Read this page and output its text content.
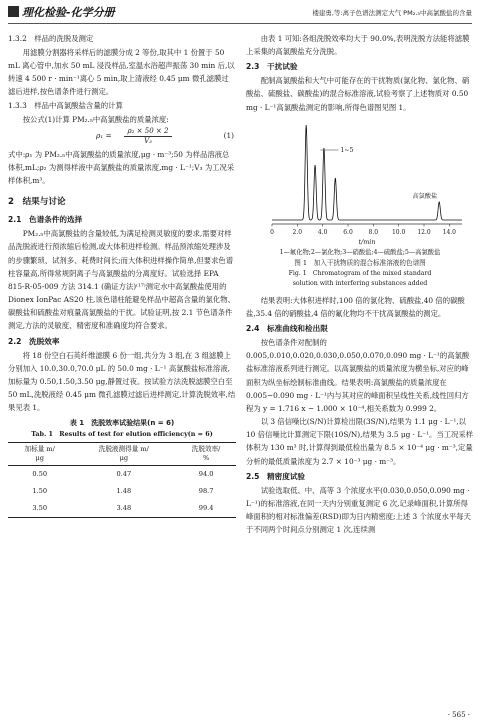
理化检验-化学分册	楼建勇,等:离子色谱法测定大气 PM₂.₅中高氯酸盐的含量
1.3.2　样品的洗脱及测定

用滤膜分割器将采样后的滤膜分成 2 等份,取其中 1 份置于 50 mL 离心管中,加水 50 mL 浸没样品,室温水浴超声振荡 30 min 后,以转速 4 500 r · min⁻¹离心 5 min,取上清液经 0.45 μm 微孔滤膜过滤后进样,按色谱条件进行测定。

1.3.3　样品中高氯酸盐含量的计算

按公式(1)计算 PM₂.₅中高氯酸盐的质量浓度:

$\rho_1 = \frac{\text{ρ₂ × 50 × 2}}{\text{V₃}}$	(1)

式中:ρ₁ 为 PM₂.₅中高氯酸盐的质量浓度,μg · m⁻³;50 为样品溶液总体积,mL;ρ₂ 为测得样液中高氯酸盐的质量浓度,mg · L⁻¹;V₃ 为工况采样体积,m³。

2　结果与讨论
2.1　色谱条件的选择

PM₂.₅中高氯酸盐的含量较低,为满足检测灵敏度的要求,需要对样品洗脱液进行预浓缩后检测,或大体积进样检测。样品预浓缩处理涉及的步骤繁琐、试剂多、耗费时间长;而大体积进样操作简单,但要求色谱柱容量高,所得常规阴离子与高氯酸盐的分离度好。试验选择 EPA 815-R-05-009 方法 314.1 (确证方法)⁽¹⁷⁾测定水中高氯酸盐使用的 Dionex IonPac AS20 柱,该色谱柱能避免样品中超高含量的氯化物、碳酸盐和硫酸盐对痕量高氯酸盐的干扰。试验证明,按 2.1 节色谱条件测定,方法的灵敏度、精密度和准确度均符合要求。

2.2　洗脱效率

将 18 份空白石英纤维滤膜 6 份一组,共分为 3 组,在 3 组滤膜上分别加入 10.0,30.0,70.0 μL 的 50.0 mg · L⁻¹ 高氯酸盐标准溶液,加标量为 0.50,1.50,3.50 μg,静置过夜。按试验方法洗脱滤膜空白至 50 mL,洗脱液经 0.45 μm 微孔滤膜过滤后进样测定,计算洗脱效率,结果见表 1。

表 1　洗脱效率试验结果(n = 6)
Tab. 1　Results of test for elution efficiency(n = 6)
加标量 m/
μg	洗脱液测得量 m/
μg	洗脱效率/
%
0.50	0.47	94.0
1.50	1.48	98.7
3.50	3.48	99.4

由表 1 可知:各组洗脱效率均大于 90.0%,表明洗脱方法能将滤膜上采集的高氯酸盐充分洗脱。

2.3　干扰试验

配制高氯酸盐和大气中可能存在的干扰物质(氯化物、氯化物、硝酸盐、硫酸盐、碳酸盐)的混合标准溶液,试验考察了上述物质对 0.50 mg · L⁻¹高氯酸盐测定的影响,所得色谱图见图 1。

0	2.0	4.0	6.0	8.0 10.0 12.0 14.0
t/min
1~5
高氯酸盐
1—氟化物;2—氯化物;3—硝酸盐;4—硫酸盐;5—高氯酸盐
图 1　加入干扰物质的混合标准溶液的色谱图
Fig. 1　Chromatogram of the mixed standard
solution with interfering substances added

结果表明:大体积进样时,100 倍的氯化物、硫酸盐,40 倍的碳酸盐,35.4 倍的硝酸盐,4 倍的氟化物均不干扰高氯酸盐的测定。

2.4　标准曲线和检出限

按色谱条件对配制的 0.005,0.010,0.020,0.030,0.050,0.070,0.090 mg · L⁻¹的高氯酸盐标准溶液系列进行测定。以高氯酸盐的质量浓度为横坐标,对应的峰面积为纵坐标绘制标准曲线。结果表明:高氯酸盐的质量浓度在 0.005~0.090 mg · L⁻¹内与其对应的峰面积呈线性关系,线性回归方程为 y = 1.716 x − 1.000 × 10⁻⁴,相关系数为 0.999 2。

以 3 倍信噪比(S/N)计算检出限(3S/N),结果为 1.1 μg · L⁻¹,以 10 倍信噪比计算测定下限(10S/N),结果为 3.5 μg · L⁻¹。当工况采样体积为 130 m³ 时,计算得到最低检出量为 8.5 × 10⁻⁴ μg · m⁻³,定量分析的最低质量浓度为 2.7 × 10⁻³ μg · m⁻³。

2.5　精密度试验

试验选取低、中、高等 3 个浓度水平(0.030,0.050,0.090 mg · L⁻¹)的标准溶液,在同一天内分别重复测定 6 次,记录峰面积,计算所得峰面积的相对标准偏差(RSD)即为日内精密度;上述 3 个浓度水平每天于不同两个时间点分别测定 1 次,连续测

· 565 ·
